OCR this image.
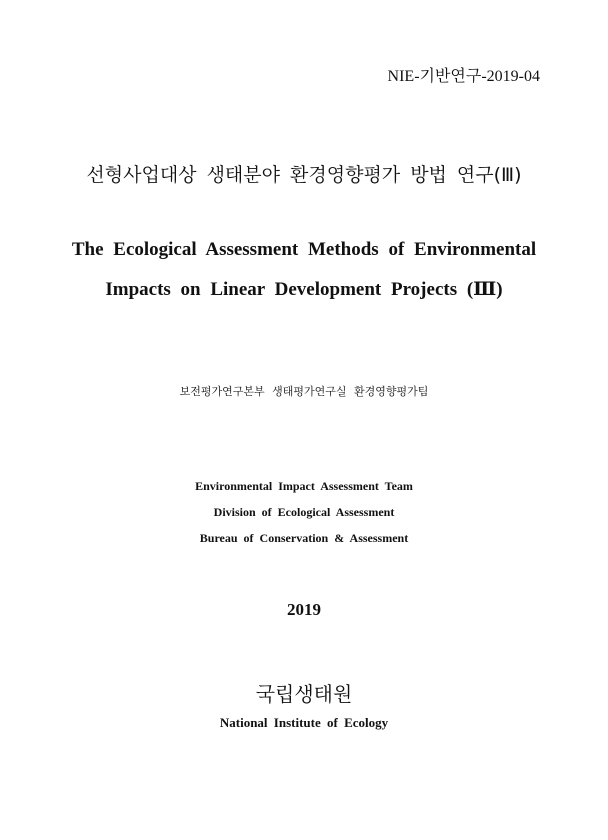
NIE-기반연구-2019-04
선형사업대상 생태분야 환경영향평가 방법 연구(Ⅲ)
The Ecological Assessment Methods of Environmental
Impacts on Linear Development Projects (Ⅲ)
보전평가연구본부 생태평가연구실 환경영향평가팀
Environmental Impact Assessment Team
Division of Ecological Assessment
Bureau of Conservation & Assessment
2019
국립생태원
National Institute of Ecology
